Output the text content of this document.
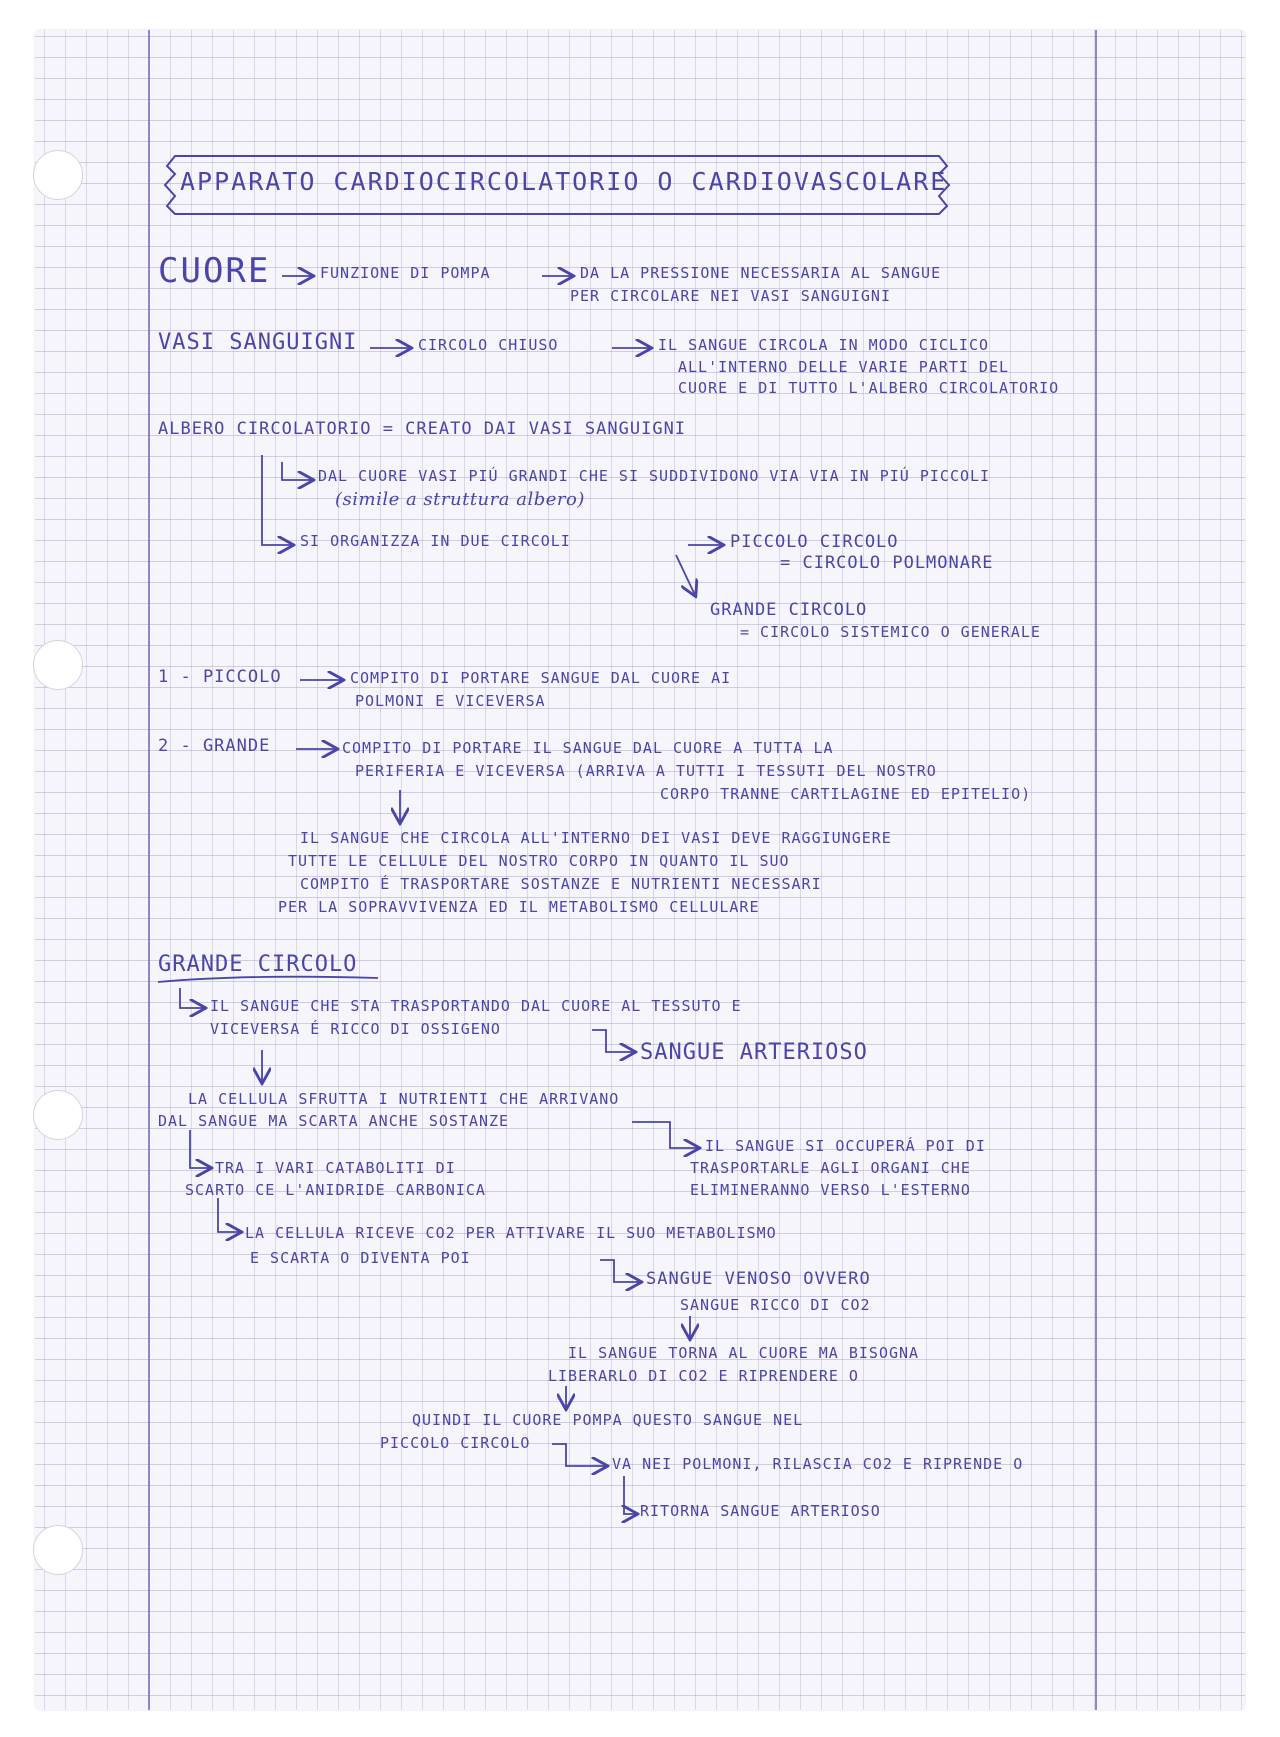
APPARATO CARDIOCIRCOLATORIO O CARDIOVASCOLARE
CUORE	FUNZIONE DI POMPA	DA LA PRESSIONE NECESSARIA AL SANGUE
PER CIRCOLARE NEI VASI SANGUIGNI
VASI SANGUIGNI	CIRCOLO CHIUSO	IL SANGUE CIRCOLA IN MODO CICLICO
ALL'INTERNO DELLE VARIE PARTI DEL
CUORE E DI TUTTO L'ALBERO CIRCOLATORIO
ALBERO CIRCOLATORIO = CREATO DAI VASI SANGUIGNI
DAL CUORE VASI PIÚ GRANDI CHE SI SUDDIVIDONO VIA VIA IN PIÚ PICCOLI
(simile a struttura albero)
SI ORGANIZZA IN DUE CIRCOLI	PICCOLO CIRCOLO
= CIRCOLO POLMONARE
GRANDE CIRCOLO
= CIRCOLO SISTEMICO O GENERALE
1 - PICCOLO	COMPITO DI PORTARE SANGUE DAL CUORE AI
POLMONI E VICEVERSA
2 - GRANDE	COMPITO DI PORTARE IL SANGUE DAL CUORE A TUTTA LA
PERIFERIA E VICEVERSA (ARRIVA A TUTTI I TESSUTI DEL NOSTRO
CORPO TRANNE CARTILAGINE ED EPITELIO)
IL SANGUE CHE CIRCOLA ALL'INTERNO DEI VASI DEVE RAGGIUNGERE
TUTTE LE CELLULE DEL NOSTRO CORPO IN QUANTO IL SUO
COMPITO É TRASPORTARE SOSTANZE E NUTRIENTI NECESSARI
PER LA SOPRAVVIVENZA ED IL METABOLISMO CELLULARE
GRANDE CIRCOLO
IL SANGUE CHE STA TRASPORTANDO DAL CUORE AL TESSUTO E
VICEVERSA É RICCO DI OSSIGENO
SANGUE ARTERIOSO
LA CELLULA SFRUTTA I NUTRIENTI CHE ARRIVANO
DAL SANGUE MA SCARTA ANCHE SOSTANZE
IL SANGUE SI OCCUPERÁ POI DI
TRASPORTARLE AGLI ORGANI CHE
ELIMINERANNO VERSO L'ESTERNO
TRA I VARI CATABOLITI DI
SCARTO CE L'ANIDRIDE CARBONICA
LA CELLULA RICEVE CO2 PER ATTIVARE IL SUO METABOLISMO
E SCARTA O DIVENTA POI
SANGUE VENOSO OVVERO
SANGUE RICCO DI CO2
IL SANGUE TORNA AL CUORE MA BISOGNA
LIBERARLO DI CO2 E RIPRENDERE O
QUINDI IL CUORE POMPA QUESTO SANGUE NEL
PICCOLO CIRCOLO
VA NEI POLMONI, RILASCIA CO2 E RIPRENDE O
RITORNA SANGUE ARTERIOSO
